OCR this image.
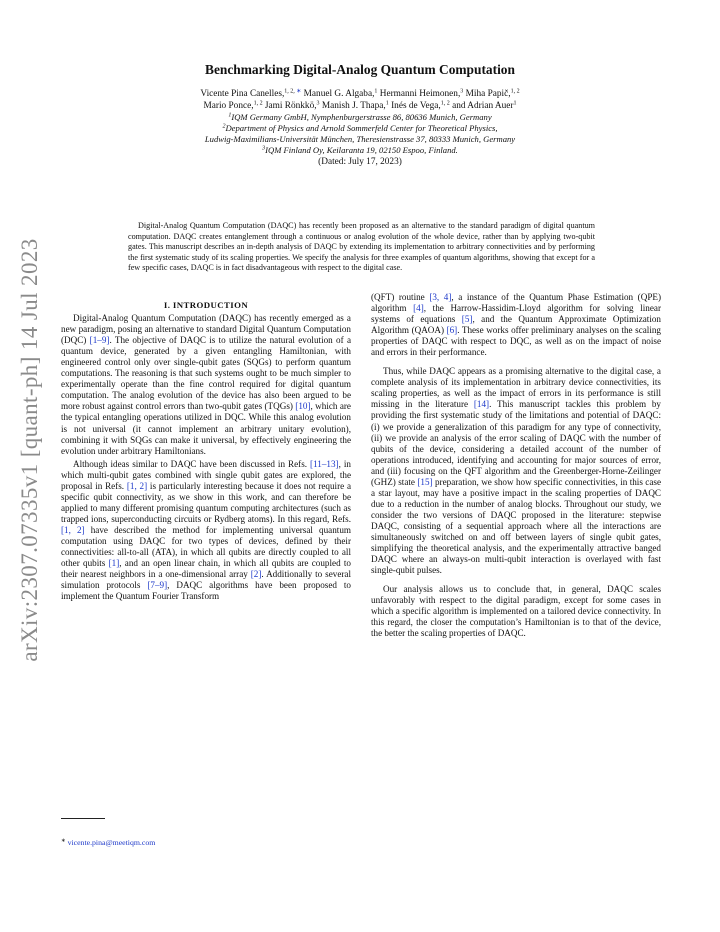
arXiv:2307.07335v1 [quant-ph] 14 Jul 2023
Benchmarking Digital-Analog Quantum Computation
Vicente Pina Canelles,$^{1, 2,}$ ∗ Manuel G. Algaba,$^1$ Hermanni Heimonen,$^3$ Miha Papič,$^{1, 2}$
Mario Ponce,$^{1, 2}$ Jami Rönkkö,$^3$ Manish J. Thapa,$^1$ Inés de Vega,$^{1, 2}$ and Adrian Auer$^1$
$^1$IQM Germany GmbH, Nymphenburgerstrasse 86, 80636 Munich, Germany
$^2$Department of Physics and Arnold Sommerfeld Center for Theoretical Physics,
Ludwig-Maximilians-Universität München, Theresienstrasse 37, 80333 Munich, Germany
$^3$IQM Finland Oy, Keilaranta 19, 02150 Espoo, Finland.
(Dated: July 17, 2023)

Digital-Analog Quantum Computation (DAQC) has recently been proposed as an alternative to the standard paradigm of digital quantum computation. DAQC creates entanglement through a continuous or analog evolution of the whole device, rather than by applying two-qubit gates. This manuscript describes an in-depth analysis of DAQC by extending its implementation to arbitrary connectivities and by performing the first systematic study of its scaling properties. We specify the analysis for three examples of quantum algorithms, showing that except for a few specific cases, DAQC is in fact disadvantageous with respect to the digital case.

I. INTRODUCTION

Digital-Analog Quantum Computation (DAQC) has recently emerged as a new paradigm, posing an alternative to standard Digital Quantum Computation (DQC) [1–9]. The objective of DAQC is to utilize the natural evolution of a quantum device, generated by a given entangling Hamiltonian, with engineered control only over single-qubit gates (SQGs) to perform quantum computations. The reasoning is that such systems ought to be much simpler to experimentally operate than the fine control required for digital quantum computation. The analog evolution of the device has also been argued to be more robust against control errors than two-qubit gates (TQGs) [10], which are the typical entangling operations utilized in DQC. While this analog evolution is not universal (it cannot implement an arbitrary unitary evolution), combining it with SQGs can make it universal, by effectively engineering the evolution under arbitrary Hamiltonians.

Although ideas similar to DAQC have been discussed in Refs. [11–13], in which multi-qubit gates combined with single qubit gates are explored, the proposal in Refs. [1, 2] is particularly interesting because it does not require a specific qubit connectivity, as we show in this work, and can therefore be applied to many different promising quantum computing architectures (such as trapped ions, superconducting circuits or Rydberg atoms). In this regard, Refs. [1, 2] have described the method for implementing universal quantum computation using DAQC for two types of devices, defined by their connectivities: all-to-all (ATA), in which all qubits are directly coupled to all other qubits [1], and an open linear chain, in which all qubits are coupled to their nearest neighbors in a one-dimensional array [2]. Additionally to several simulation protocols [7–9], DAQC algorithms have been proposed to implement the Quantum Fourier Transform

(QFT) routine [3, 4], a instance of the Quantum Phase Estimation (QPE) algorithm [4], the Harrow-Hassidim-Lloyd algorithm for solving linear systems of equations [5], and the Quantum Approximate Optimization Algorithm (QAOA) [6]. These works offer preliminary analyses on the scaling properties of DAQC with respect to DQC, as well as on the impact of noise and errors in their performance.

Thus, while DAQC appears as a promising alternative to the digital case, a complete analysis of its implementation in arbitrary device connectivities, its scaling properties, as well as the impact of errors in its performance is still missing in the literature [14]. This manuscript tackles this problem by providing the first systematic study of the limitations and potential of DAQC: (i) we provide a generalization of this paradigm for any type of connectivity, (ii) we provide an analysis of the error scaling of DAQC with the number of qubits of the device, considering a detailed account of the number of operations introduced, identifying and accounting for major sources of error, and (iii) focusing on the QFT algorithm and the Greenberger-Horne-Zeilinger (GHZ) state [15] preparation, we show how specific connectivities, in this case a star layout, may have a positive impact in the scaling properties of DAQC due to a reduction in the number of analog blocks. Throughout our study, we consider the two versions of DAQC proposed in the literature: stepwise DAQC, consisting of a sequential approach where all the interactions are simultaneously switched on and off between layers of single qubit gates, simplifying the theoretical analysis, and the experimentally attractive banged DAQC where an always-on multi-qubit interaction is overlayed with fast single-qubit pulses.

Our analysis allows us to conclude that, in general, DAQC scales unfavorably with respect to the digital paradigm, except for some cases in which a specific algorithm is implemented on a tailored device connectivity. In this regard, the closer the computation’s Hamiltonian is to that of the device, the better the scaling properties of DAQC.

∗ vicente.pina@meetiqm.com
